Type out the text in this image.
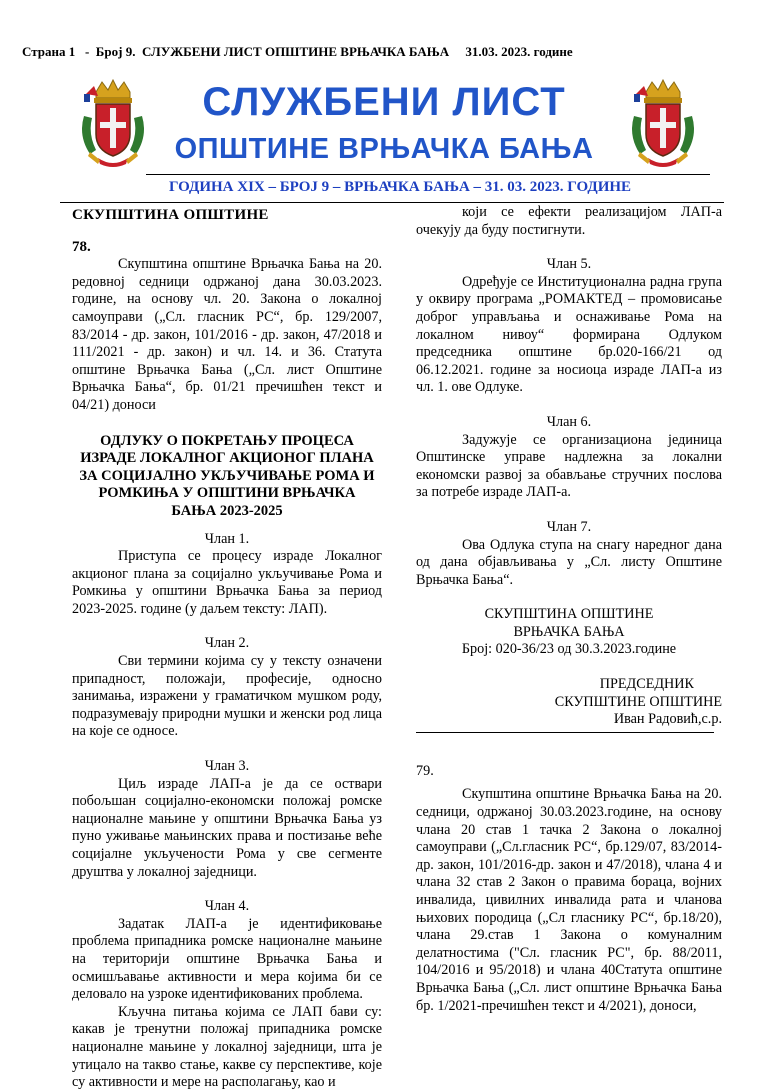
Страна 1   -  Број 9.  СЛУЖБЕНИ ЛИСТ ОПШТИНЕ ВРЊАЧКА БАЊА     31.03. 2023. године
СЛУЖБЕНИ ЛИСТ
ОПШТИНЕ ВРЊАЧКА БАЊА
ГОДИНА XIX – БРОЈ 9 – ВРЊАЧКА БАЊА – 31. 03. 2023. ГОДИНЕ

СКУПШТИНА ОПШТИНЕ

78.

Скупштина општине Врњачка Бања на 20. редовној седници одржаној дана 30.03.2023. године, на основу чл. 20. Закона о локалној самоуправи („Сл. гласник РС“, бр. 129/2007, 83/2014 - др. закон, 101/2016 - др. закон, 47/2018 и 111/2021 - др. закон) и чл. 14. и 36. Статута општине Врњачка Бања („Сл. лист Општине Врњачка Бања“, бр. 01/21 пречишћен текст и 04/21) доноси

ОДЛУКУ О ПОКРЕТАЊУ ПРОЦЕСА ИЗРАДЕ ЛОКАЛНОГ АКЦИОНОГ ПЛАНА ЗА СОЦИЈАЛНО УКЉУЧИВАЊЕ РОМА И РОМКИЊА У ОПШТИНИ ВРЊАЧКА БАЊА 2023-2025

Члан 1.

Приступа се процесу израде Локалног акционог плана за социјално укључивање Рома и Ромкиња у општини Врњачка Бања за период 2023-2025. године (у даљем тексту: ЛАП).

Члан 2.

Сви термини којима су у тексту означени припадност, положаји, професије, односно занимања, изражени у граматичком мушком роду, подразумевају природни мушки и женски род лица на које се односе.

Члан 3.

Циљ израде ЛАП-а је да се оствари побољшан социјално-економски положај ромске националне мањине у општини Врњачка Бања уз пуно уживање мањинских права и постизање веће социјалне укључености Рома у све сегменте друштва у локалној заједници.

Члан 4.

Задатак ЛАП-а је идентификовање проблема припадника ромске националне мањине на територији општине Врњачка Бања и осмишљавање активности и мера којима би се деловало на узроке идентификованих проблема.

Кључна питања којима се ЛАП бави су: какав је тренутни положај припадника ромске националне мањине у локалној заједници, шта је утицало на такво стање, какве су перспективе, које су активности и мере на располагању, као и

који се ефекти реализацијом ЛАП-а очекују да буду постигнути.

Члан 5.

Одређује се Институционална радна група у оквиру програма „РОМАКТЕД – промовисање доброг управљања и оснаживање Рома на локалном нивоу“ формирана Одлуком председника општине бр.020-166/21 од 06.12.2021. године за носиоца израде ЛАП-а из чл. 1. ове Одлуке.

Члан 6.

Задужује се организациона јединица Општинске управе надлежна за локални економски развој за обављање стручних послова за потребе израде ЛАП-а.

Члан 7.

Ова Одлука ступа на снагу наредног дана од дана објављивања у „Сл. листу Општине Врњачка Бања“.

СКУПШТИНА ОПШТИНЕ

ВРЊАЧКА БАЊА

Број: 020-36/23 од 30.3.2023.године

ПРЕДСЕДНИК

СКУПШТИНЕ ОПШТИНЕ

Иван Радовић,с.р.

79.

Скупштина општине Врњачка Бања на 20. седници, одржаној 30.03.2023.године, на основу члана 20 став 1 тачка 2 Закона о локалној самоуправи („Сл.гласник РС“, бр.129/07, 83/2014-др. закон, 101/2016-др. закон и 47/2018), члана 4 и члана 32 став 2 Закон о правима бораца, војних инвалида, цивилних инвалида рата и чланова њихових породица („Сл гласнику РС“, бр.18/20), члана 29.став 1 Закона о комуналним делатностима ("Сл. гласник РС", бр. 88/2011, 104/2016 и 95/2018) и члана 40Статута општине Врњачка Бања („Сл. лист општине Врњачка Бања бр. 1/2021-пречишћен текст и 4/2021), доноси,
